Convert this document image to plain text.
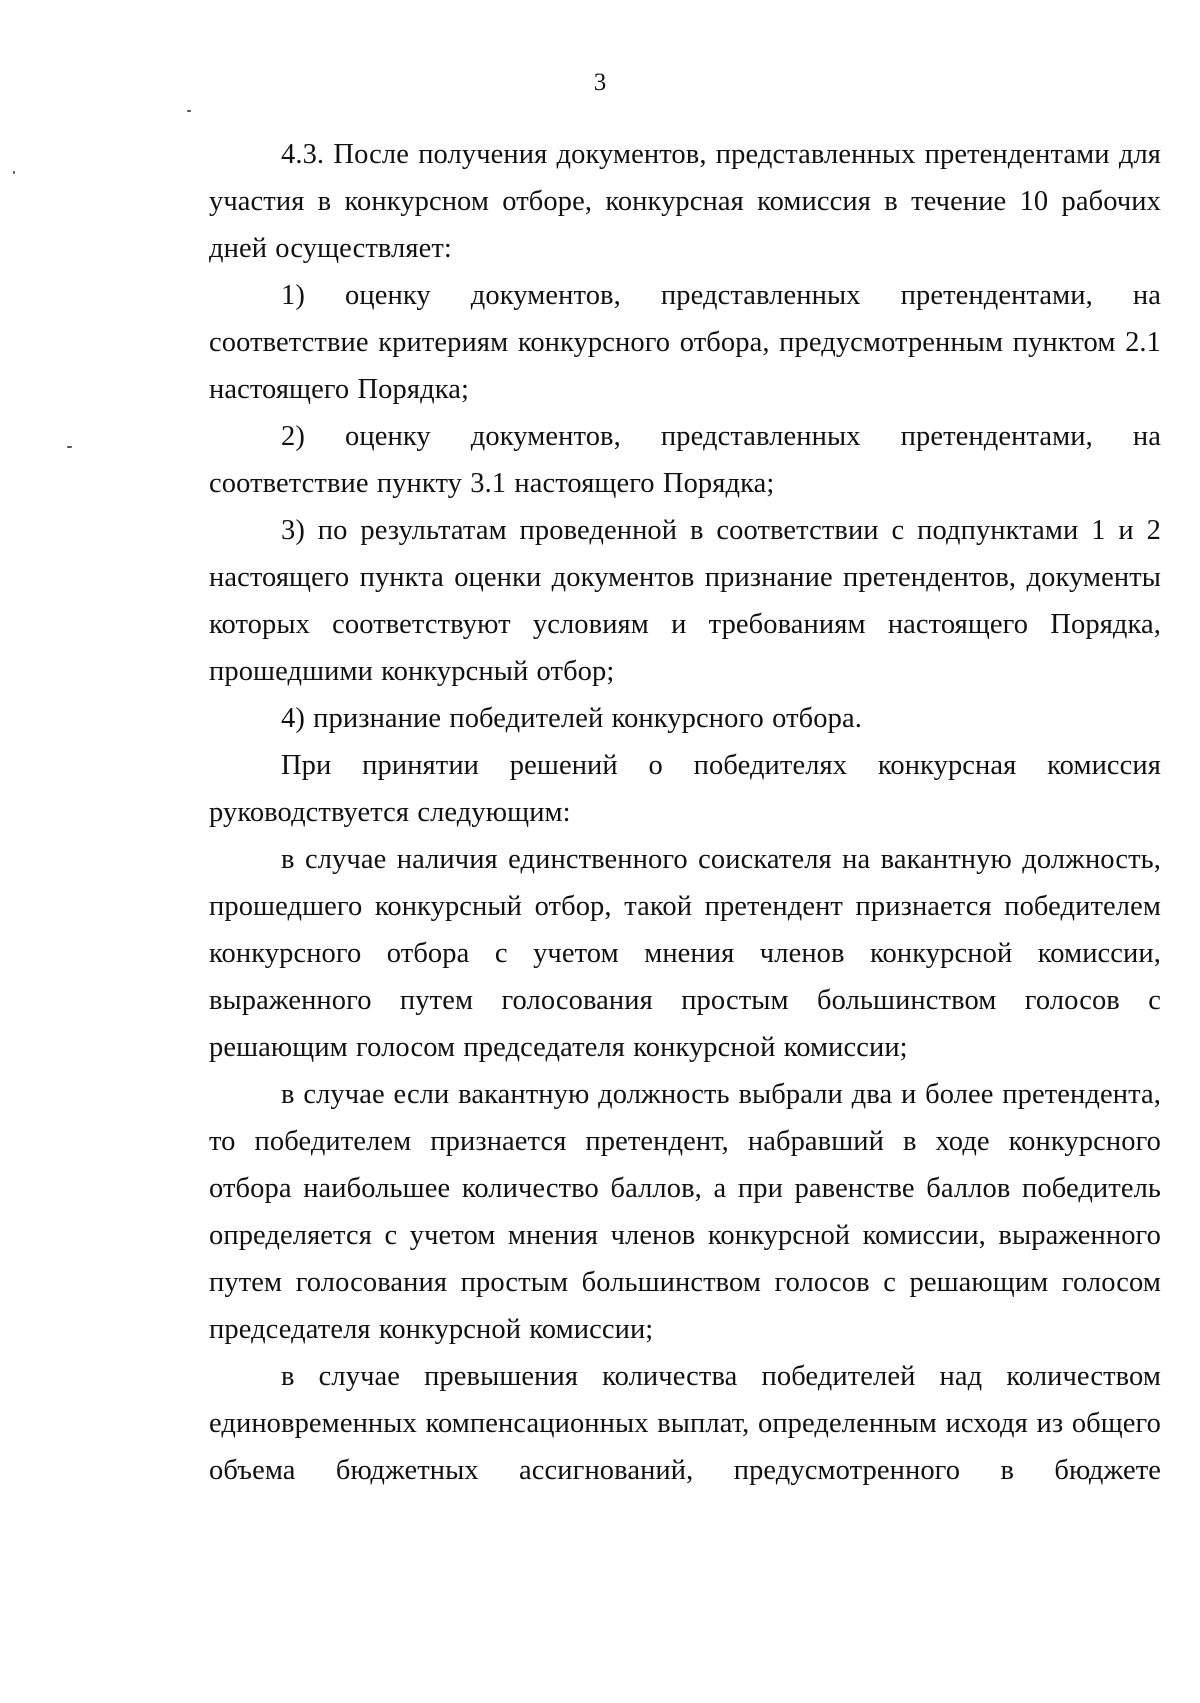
3

4.3. После получения документов, представленных претендентами для участия в конкурсном отборе, конкурсная комиссия в течение 10 рабочих дней осуществляет:

1) оценку документов, представленных претендентами, на соответствие критериям конкурсного отбора, предусмотренным пунктом 2.1 настоящего Порядка;

2) оценку документов, представленных претендентами, на соответствие пункту 3.1 настоящего Порядка;

3) по результатам проведенной в соответствии с подпунктами 1 и 2 настоящего пункта оценки документов признание претендентов, документы которых соответствуют условиям и требованиям настоящего Порядка, прошедшими конкурсный отбор;

4) признание победителей конкурсного отбора.

При принятии решений о победителях конкурсная комиссия руководствуется следующим:

в случае наличия единственного соискателя на вакантную должность, прошедшего конкурсный отбор, такой претендент признается победителем конкурсного отбора с учетом мнения членов конкурсной комиссии, выраженного путем голосования простым большинством голосов с решающим голосом председателя конкурсной комиссии;

в случае если вакантную должность выбрали два и более претендента, то победителем признается претендент, набравший в ходе конкурсного отбора наибольшее количество баллов, а при равенстве баллов победитель определяется с учетом мнения членов конкурсной комиссии, выраженного путем голосования простым большинством голосов с решающим голосом председателя конкурсной комиссии;

в случае превышения количества победителей над количеством единовременных компенсационных выплат, определенным исходя из общего объема бюджетных ассигнований, предусмотренного в бюджете
